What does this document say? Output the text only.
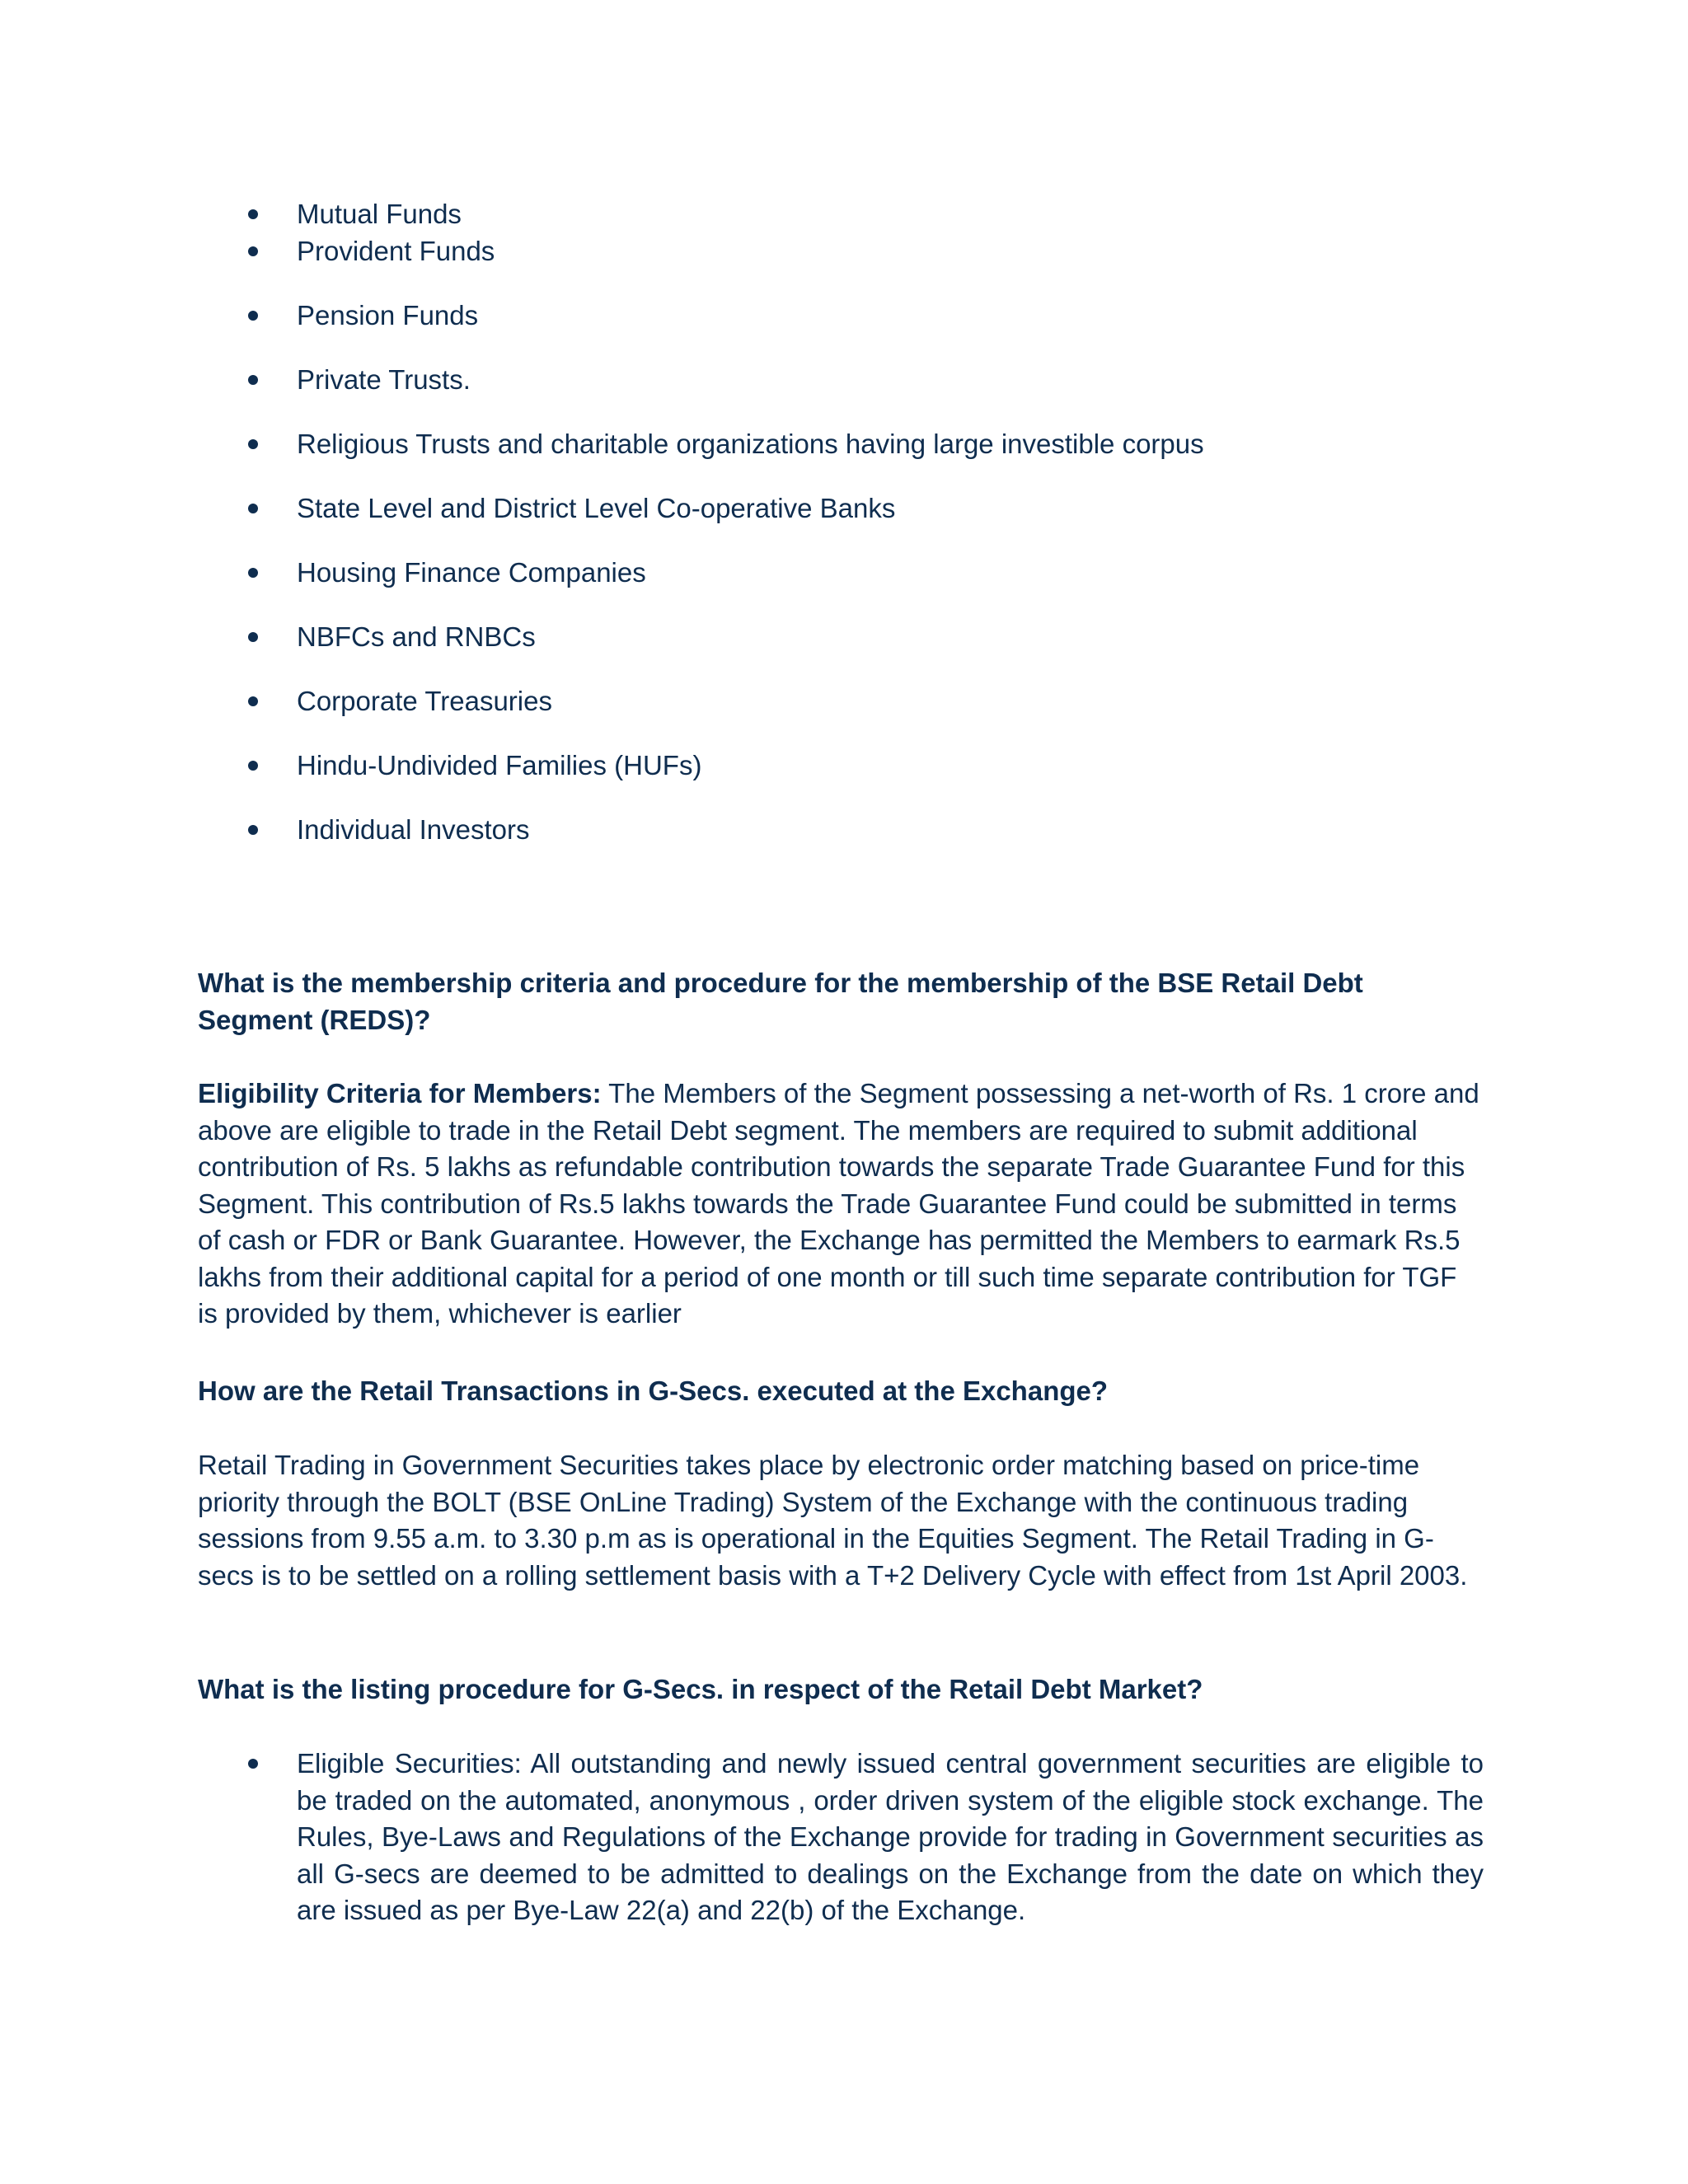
Mutual Funds
Provident Funds
Pension Funds
Private Trusts.
Religious Trusts and charitable organizations having large investible corpus
State Level and District Level Co-operative Banks
Housing Finance Companies
NBFCs and RNBCs
Corporate Treasuries
Hindu-Undivided Families (HUFs)
Individual Investors

What is the membership criteria and procedure for the membership of the BSE Retail Debt Segment (REDS)?

Eligibility Criteria for Members: The Members of the Segment possessing a net-worth of Rs. 1 crore and above are eligible to trade in the Retail Debt segment. The members are required to submit additional contribution of Rs. 5 lakhs as refundable contribution towards the separate Trade Guarantee Fund for this Segment. This contribution of Rs.5 lakhs towards the Trade Guarantee Fund could be submitted in terms of cash or FDR or Bank Guarantee. However, the Exchange has permitted the Members to earmark Rs.5 lakhs from their additional capital for a period of one month or till such time separate contribution for TGF is provided by them, whichever is earlier

How are the Retail Transactions in G-Secs. executed at the Exchange?

Retail Trading in Government Securities takes place by electronic order matching based on price-time priority through the BOLT (BSE OnLine Trading) System of the Exchange with the continuous trading sessions from 9.55 a.m. to 3.30 p.m as is operational in the Equities Segment. The Retail Trading in G-secs is to be settled on a rolling settlement basis with a T+2 Delivery Cycle with effect from 1st April 2003.

What is the listing procedure for G-Secs. in respect of the Retail Debt Market?

Eligible Securities: All outstanding and newly issued central government securities are eligible to be traded on the automated, anonymous , order driven system of the eligible stock exchange. The Rules, Bye-Laws and Regulations of the Exchange provide for trading in Government securities as all G-secs are deemed to be admitted to dealings on the Exchange from the date on which they are issued as per Bye-Law 22(a) and 22(b) of the Exchange.
